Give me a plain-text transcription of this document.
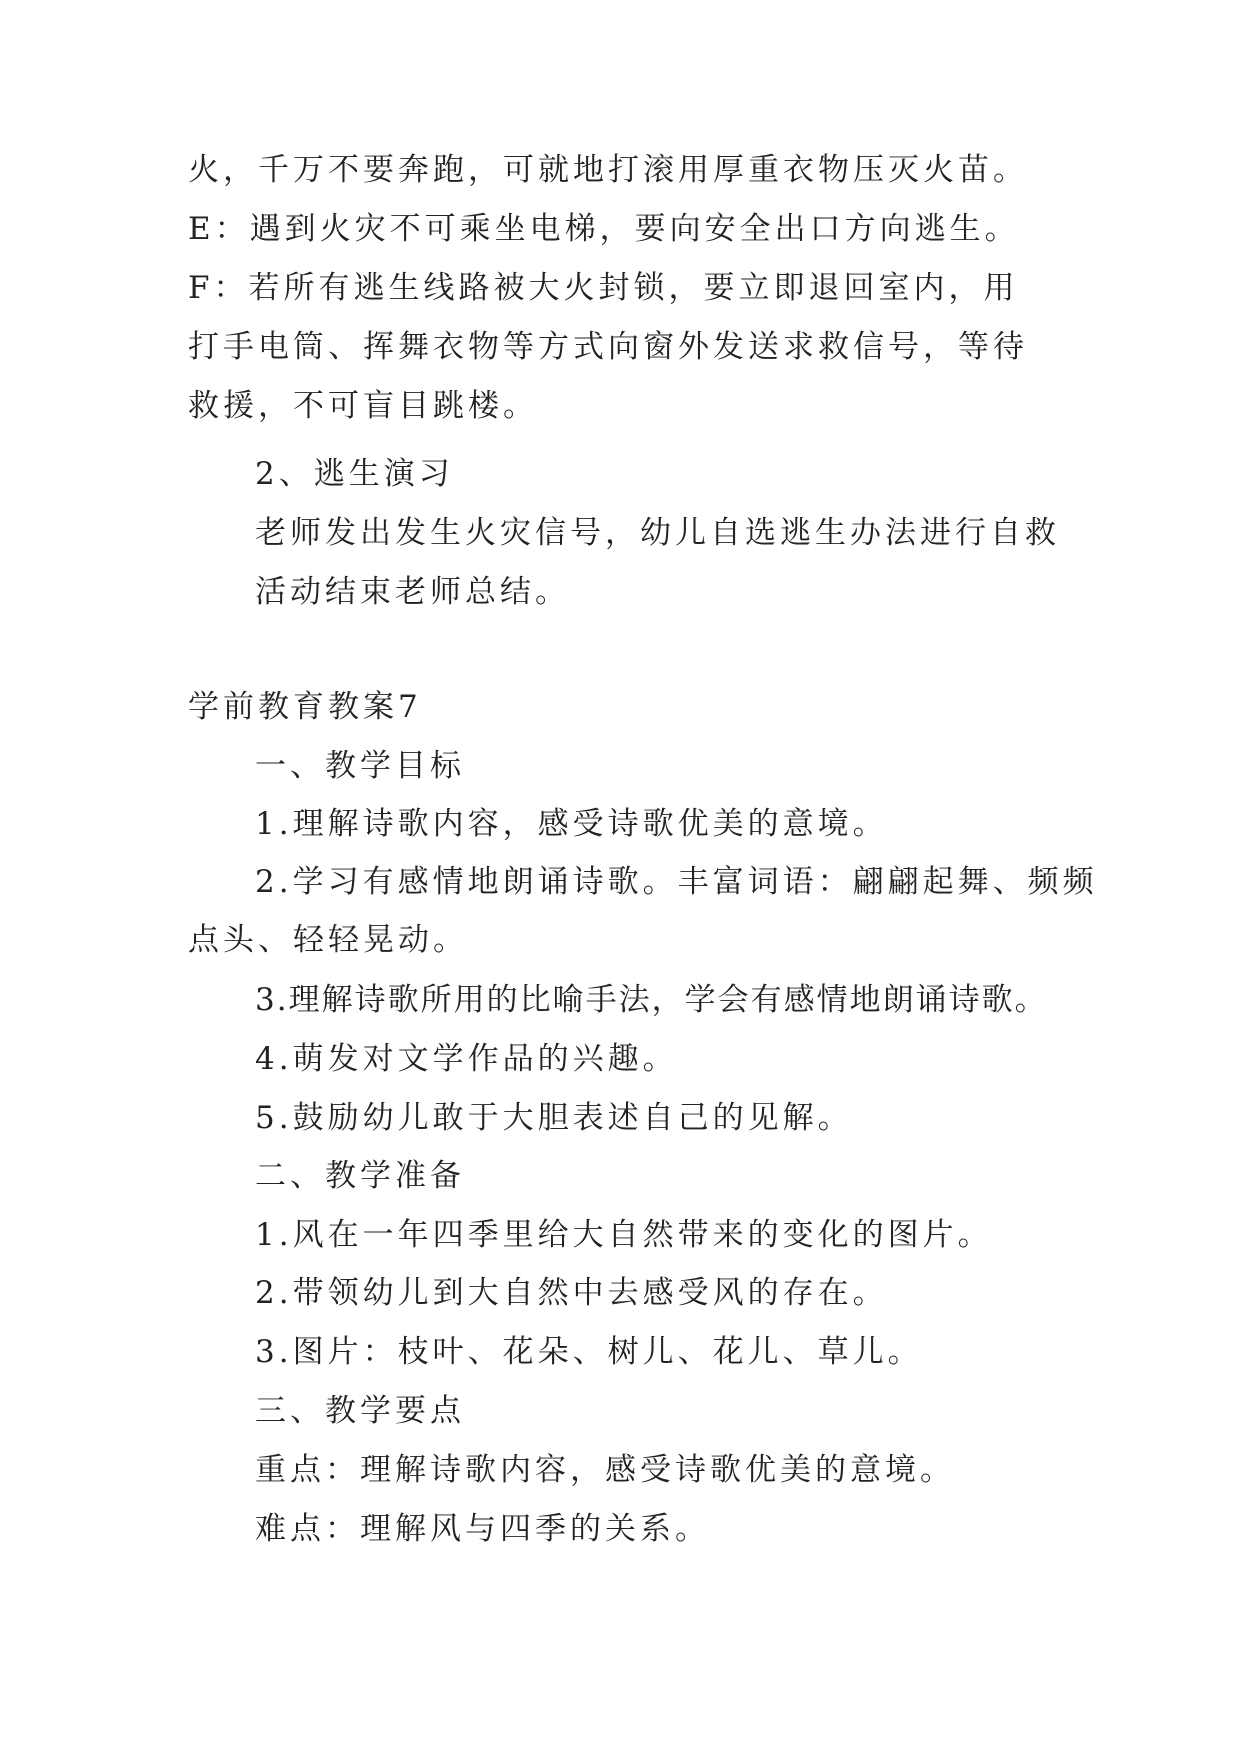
火，千万不要奔跑，可就地打滚用厚重衣物压灭火苗。E：遇到火灾不可乘坐电梯，要向安全出口方向逃生。F：若所有逃生线路被大火封锁，要立即退回室内，用打手电筒、挥舞衣物等方式向窗外发送求救信号，等待救援，不可盲目跳楼。

2、逃生演习

老师发出发生火灾信号，幼儿自选逃生办法进行自救

活动结束老师总结。

学前教育教案7

一、教学目标

1.理解诗歌内容，感受诗歌优美的意境。

2.学习有感情地朗诵诗歌。丰富词语：翩翩起舞、频频

点头、轻轻晃动。

3.理解诗歌所用的比喻手法，学会有感情地朗诵诗歌。

4.萌发对文学作品的兴趣。

5.鼓励幼儿敢于大胆表述自己的见解。

二、教学准备

1.风在一年四季里给大自然带来的变化的图片。

2.带领幼儿到大自然中去感受风的存在。

3.图片：枝叶、花朵、树儿、花儿、草儿。

三、教学要点

重点：理解诗歌内容，感受诗歌优美的意境。

难点：理解风与四季的关系。
